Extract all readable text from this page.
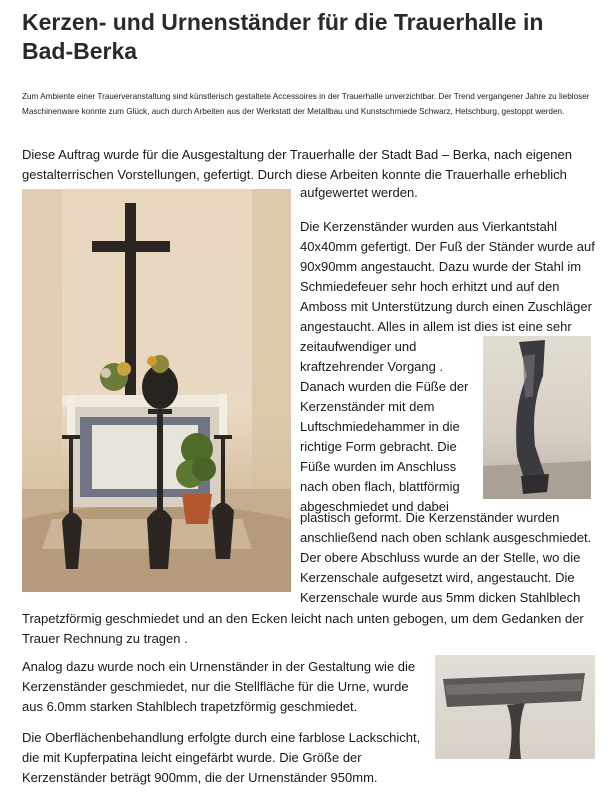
Kerzen- und Urnenständer für die Trauerhalle in Bad-Berka

Zum Ambiente einer Trauerveranstaltung sind künstlerisch gestaltete Accessoires in der Trauerhalle unverzichtbar. Der Trend vergangener Jahre zu liebloser Maschinenware konnte zum Glück, auch durch Arbeiten aus der Werkstatt der Metallbau und Kunstschmiede Schwarz, Hetschburg, gestoppt werden.

Diese Auftrag wurde für die Ausgestaltung der Trauerhalle der Stadt Bad – Berka, nach eigenen gestalterrischen Vorstellungen, gefertigt. Durch diese Arbeiten konnte die Trauerhalle erheblich

aufgewertet werden.

Die Kerzenständer wurden aus Vierkantstahl 40x40mm gefertigt. Der Fuß der Ständer wurde auf 90x90mm angestaucht. Dazu wurde der Stahl im Schmiedefeuer sehr hoch erhitzt und auf den Amboss mit Unterstützung durch einen Zuschläger angestaucht. Alles in allem ist dies ist eine sehr

zeitaufwendiger und kraftzehrender Vorgang . Danach wurden die Füße der Kerzenständer mit dem Luftschmiedehammer in die richtige Form gebracht. Die Füße wurden im Anschluss nach oben flach, blattförmig abgeschmiedet und dabei

plastisch geformt. Die Kerzenständer wurden anschließend nach oben schlank ausgeschmiedet. Der obere Abschluss wurde an der Stelle, wo die Kerzenschale aufgesetzt wird, angestaucht. Die Kerzenschale wurde aus 5mm dicken Stahlblech

Trapetzförmig geschmiedet und an den Ecken leicht nach unten gebogen, um dem Gedanken der Trauer Rechnung zu tragen .

Analog dazu wurde noch ein Urnenständer in der Gestaltung wie die Kerzenständer geschmiedet, nur die Stellfläche für die Urne, wurde aus 6.0mm starken Stahlblech trapetzförmig geschmiedet.

Die Oberflächenbehandlung erfolgte durch eine farblose Lackschicht, die mit Kupferpatina leicht eingefärbt wurde. Die Größe der Kerzenständer beträgt 900mm, die der Urnenständer 950mm.
